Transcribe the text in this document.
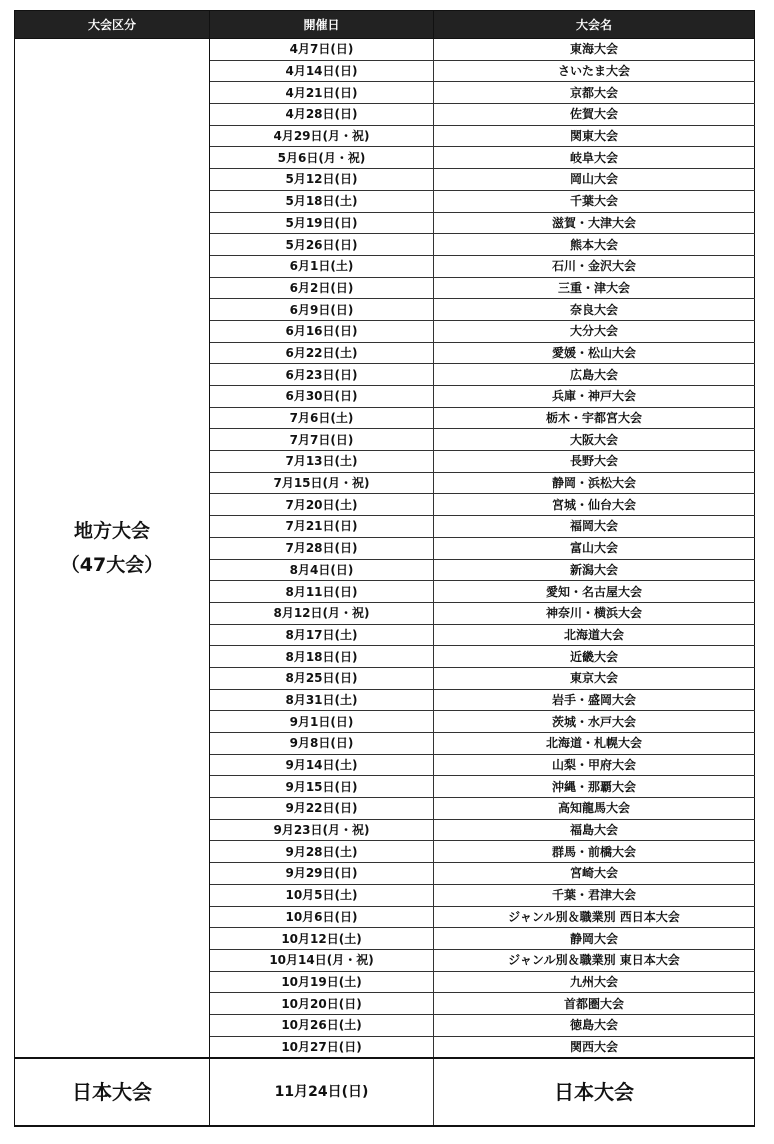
大会区分	開催日	大会名

地方大会
（47大会）	4月7日(日)	東海大会
	4月14日(日)	さいたま大会
	4月21日(日)	京都大会
	4月28日(日)	佐賀大会
	4月29日(月・祝)	関東大会
	5月6日(月・祝)	岐阜大会
	5月12日(日)	岡山大会
	5月18日(土)	千葉大会
	5月19日(日)	滋賀・大津大会
	5月26日(日)	熊本大会
	6月1日(土)	石川・金沢大会
	6月2日(日)	三重・津大会
	6月9日(日)	奈良大会
	6月16日(日)	大分大会
	6月22日(土)	愛媛・松山大会
	6月23日(日)	広島大会
	6月30日(日)	兵庫・神戸大会
	7月6日(土)	栃木・宇都宮大会
	7月7日(日)	大阪大会
	7月13日(土)	長野大会
	7月15日(月・祝)	静岡・浜松大会
	7月20日(土)	宮城・仙台大会
	7月21日(日)	福岡大会
	7月28日(日)	富山大会
	8月4日(日)	新潟大会
	8月11日(日)	愛知・名古屋大会
	8月12日(月・祝)	神奈川・横浜大会
	8月17日(土)	北海道大会
	8月18日(日)	近畿大会
	8月25日(日)	東京大会
	8月31日(土)	岩手・盛岡大会
	9月1日(日)	茨城・水戸大会
	9月8日(日)	北海道・札幌大会
	9月14日(土)	山梨・甲府大会
	9月15日(日)	沖縄・那覇大会
	9月22日(日)	高知龍馬大会
	9月23日(月・祝)	福島大会
	9月28日(土)	群馬・前橋大会
	9月29日(日)	宮崎大会
	10月5日(土)	千葉・君津大会
	10月6日(日)	ジャンル別＆職業別 西日本大会
	10月12日(土)	静岡大会
	10月14日(月・祝)	ジャンル別＆職業別 東日本大会
	10月19日(土)	九州大会
	10月20日(日)	首都圏大会
	10月26日(土)	徳島大会
	10月27日(日)	関西大会
日本大会	11月24日(日)	日本大会
